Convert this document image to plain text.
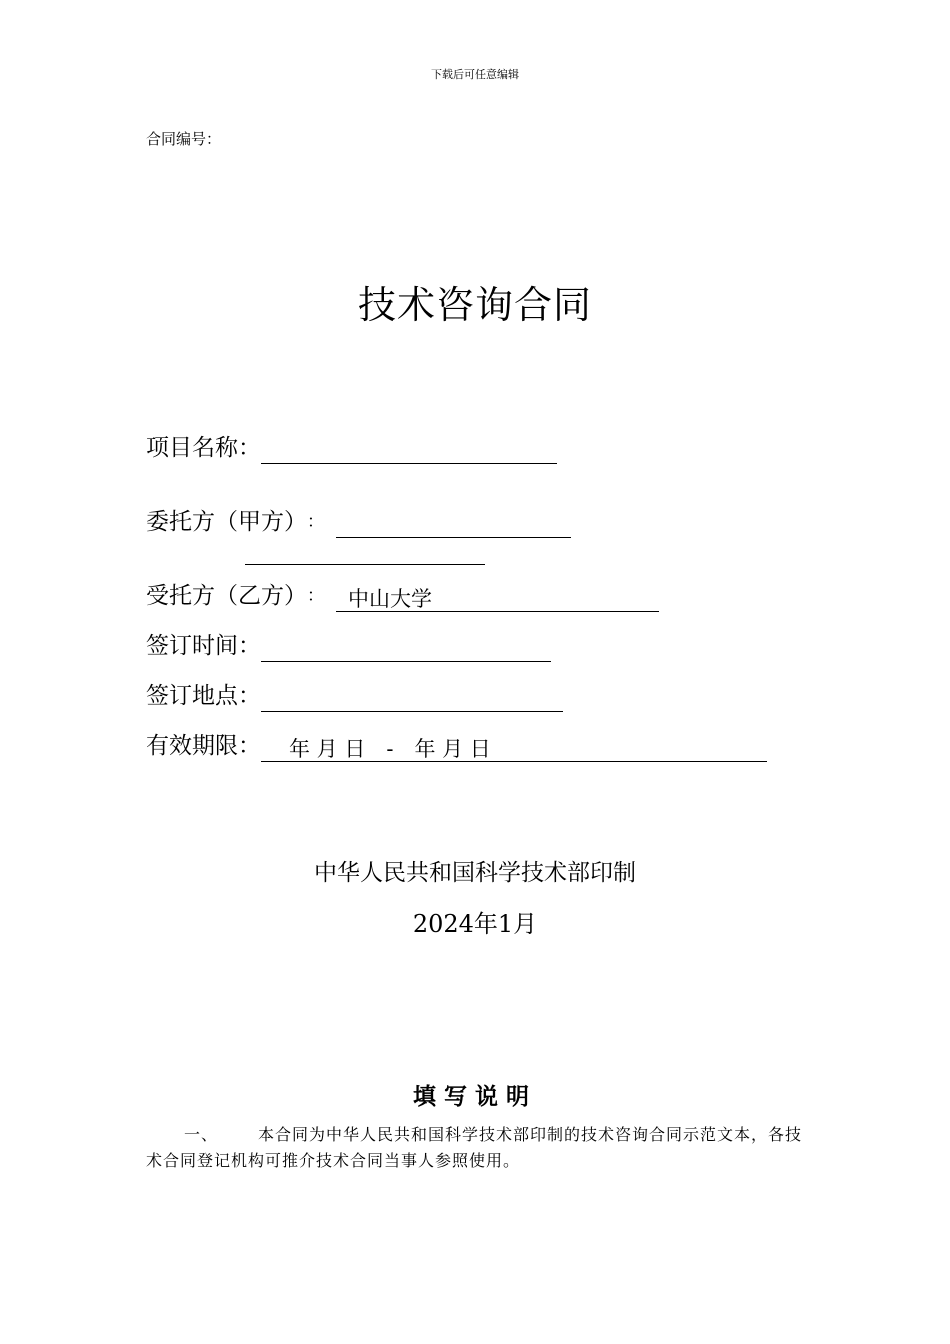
下载后可任意编辑
合同编号：
技术咨询合同
项目名称：
委托方（甲方）：
受托方（乙方）： 中山大学
签订时间：
签订地点：
有效期限： 年 月 日　-　年 月 日
中华人民共和国科学技术部印制
2024年1月
填写说明
一、	本合同为中华人民共和国科学技术部印制的技术咨询合同示范文本，各技术合同登记机构可推介技术合同当事人参照使用。
